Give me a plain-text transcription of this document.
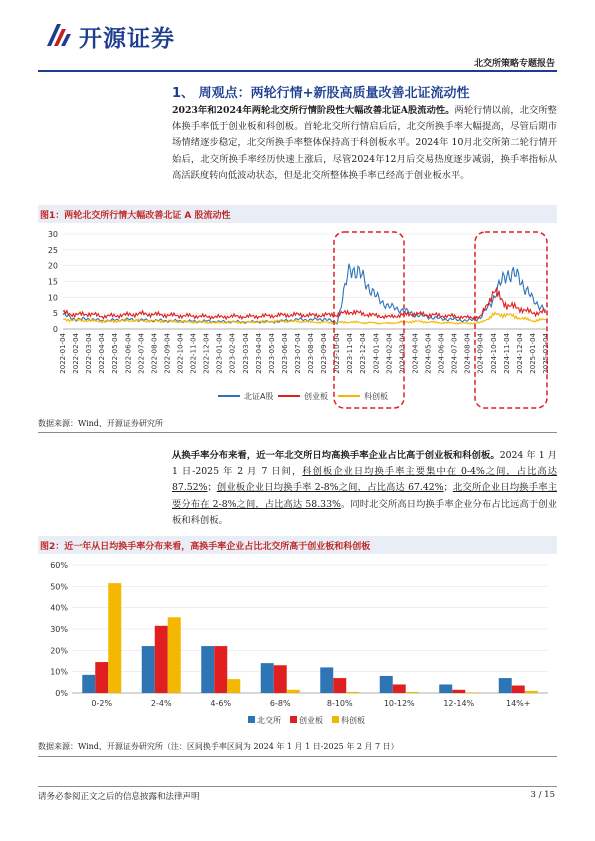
开源证券
北交所策略专题报告
1、 周观点：两轮行情+新股高质量改善北证流动性
2023年和2024年两轮北交所行情阶段性大幅改善北证A股流动性。两轮行情以前，北交所整体换手率低于创业板和科创板。首轮北交所行情启后后，北交所换手率大幅提高，尽管后期市场情绪逐步稳定，北交所换手率整体保持高于科创板水平。2024年 10月北交所第二轮行情开始后，北交所换手率经历快速上涨后，尽管2024年12月后交易热度逐步减弱，换手率指标从高活跃度转向低波动状态，但是北交所整体换手率已经高于创业板水平。
图1：两轮北交所行情大幅改善北证 A 股流动性
0
5
10
15
20
25
30
2022-01-04 2022-02-04 2022-03-04 2022-04-04 2022-05-04 2022-06-04 2022-07-04 2022-08-04 2022-09-04 2022-10-04 2022-11-04 2022-12-04 2023-01-04 2023-02-04 2023-03-04 2023-04-04 2023-05-04 2023-06-04 2023-07-04 2023-08-04 2023-09-04 2023-10-04 2023-11-04 2023-12-04 2024-01-04 2024-02-04 2024-03-04 2024-04-04 2024-05-04 2024-06-04 2024-07-04 2024-08-04 2024-09-04 2024-10-04 2024-11-04 2024-12-04 2025-01-04 2025-02-04
北证A股	创业板	科创板
数据来源：Wind、开源证券研究所
从换手率分布来看，近一年北交所日均高换手率企业占比高于创业板和科创板。2024 年 1 月 1 日-2025 年 2 月 7 日间，科创板企业日均换手率主要集中在 0-4%之间，占比高达 87.52%；创业板企业日均换手率 2-8%之间，占比高达 67.42%；北交所企业日均换手率主要分布在 2-8%之间，占比高达 58.33%。同时北交所高日均换手率企业分布占比远高于创业板和科创板。
图2：近一年从日均换手率分布来看，高换手率企业占比北交所高于创业板和科创板
0%
10%
20%
30%
40%
50%
60%
0-2%	2-4%	4-6%	6-8%	8-10%	10-12%	12-14%	14%+
北交所 创业板 科创板
数据来源：Wind、开源证券研究所（注：区间换手率区间为 2024 年 1 月 1 日-2025 年 2 月 7 日）
请务必参阅正文之后的信息披露和法律声明	3 / 15
